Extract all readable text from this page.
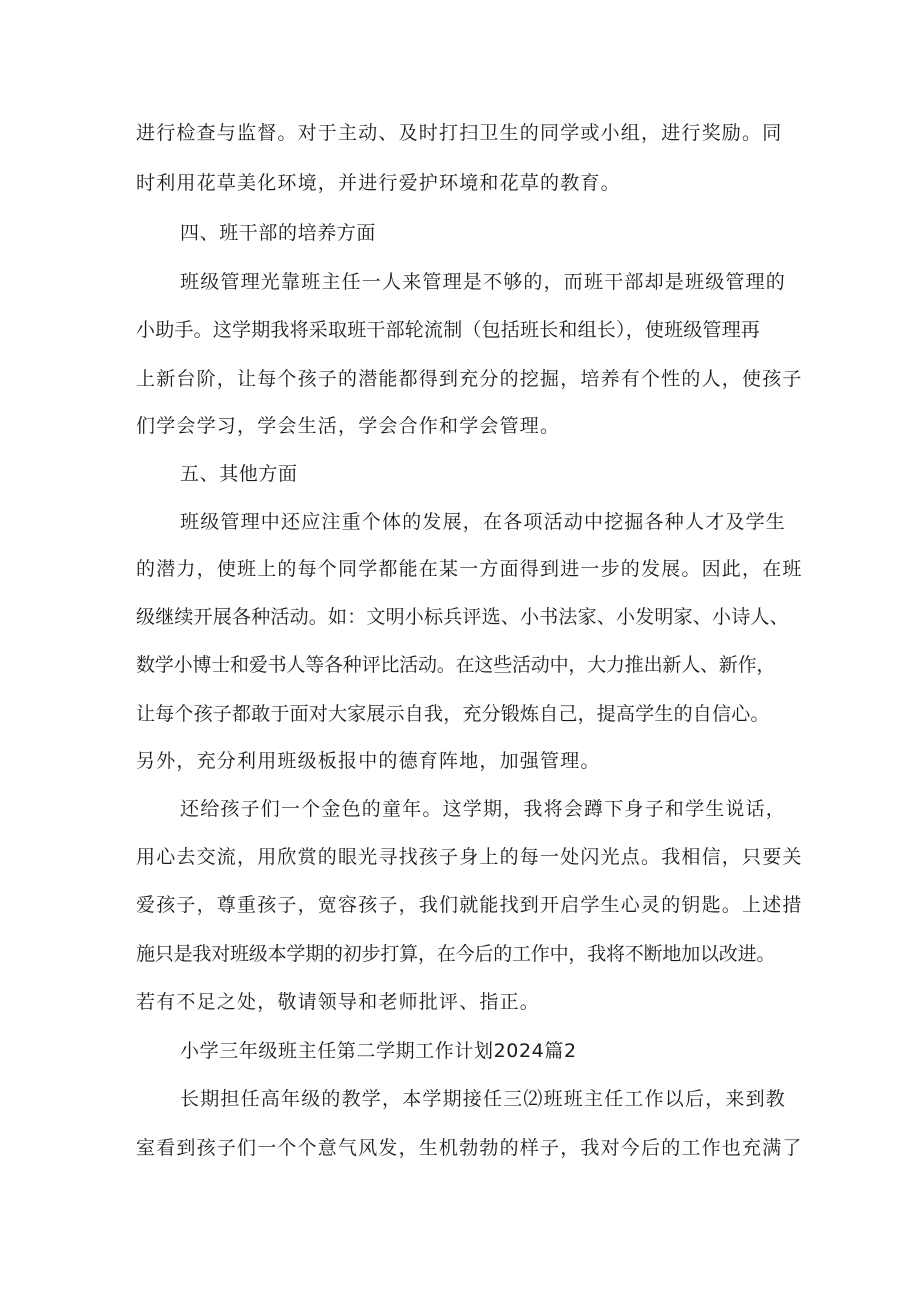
进行检查与监督。对于主动、及时打扫卫生的同学或小组，进行奖励。同

时利用花草美化环境，并进行爱护环境和花草的教育。

四、班干部的培养方面

班级管理光靠班主任一人来管理是不够的，而班干部却是班级管理的

小助手。这学期我将采取班干部轮流制（包括班长和组长），使班级管理再

上新台阶，让每个孩子的潜能都得到充分的挖掘，培养有个性的人，使孩子

们学会学习，学会生活，学会合作和学会管理。

五、其他方面

班级管理中还应注重个体的发展，在各项活动中挖掘各种人才及学生

的潜力，使班上的每个同学都能在某一方面得到进一步的发展。因此，在班

级继续开展各种活动。如：文明小标兵评选、小书法家、小发明家、小诗人、

数学小博士和爱书人等各种评比活动。在这些活动中，大力推出新人、新作，

让每个孩子都敢于面对大家展示自我，充分锻炼自己，提高学生的自信心。

另外，充分利用班级板报中的德育阵地，加强管理。

还给孩子们一个金色的童年。这学期，我将会蹲下身子和学生说话，

用心去交流，用欣赏的眼光寻找孩子身上的每一处闪光点。我相信，只要关

爱孩子，尊重孩子，宽容孩子，我们就能找到开启学生心灵的钥匙。上述措

施只是我对班级本学期的初步打算，在今后的工作中，我将不断地加以改进。

若有不足之处，敬请领导和老师批评、指正。

小学三年级班主任第二学期工作计划2024篇2

长期担任高年级的教学，本学期接任三⑵班班主任工作以后，来到教

室看到孩子们一个个意气风发，生机勃勃的样子，我对今后的工作也充满了
